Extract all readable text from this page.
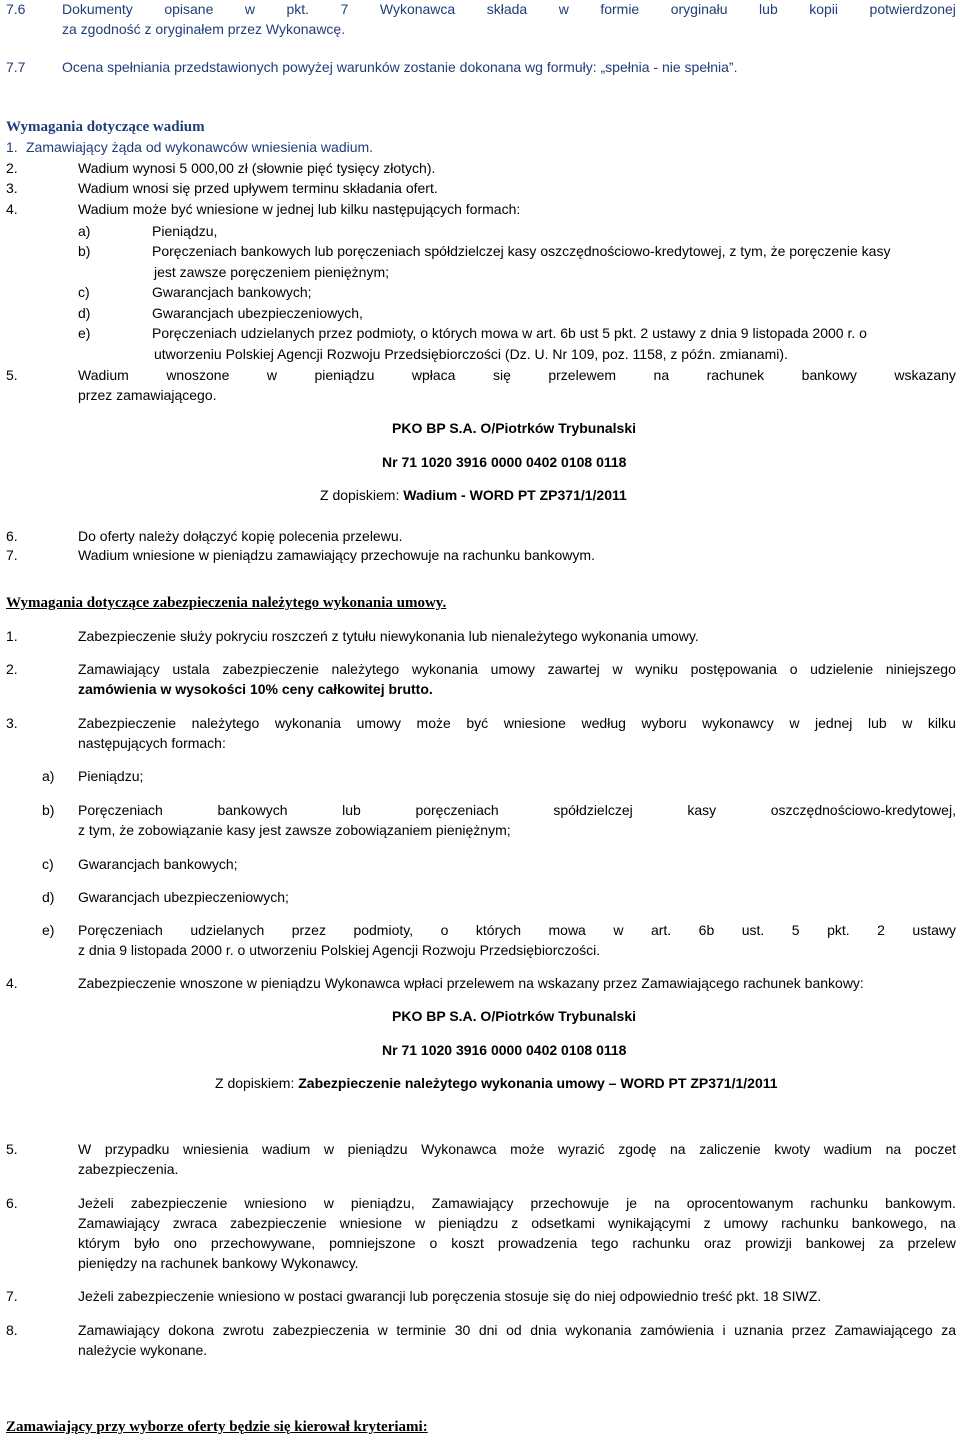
7.6	Dokumenty opisane w pkt. 7 Wykonawca składa w formie oryginału lub kopii potwierdzonej
za zgodność z oryginałem przez Wykonawcę.
7.7	Ocena spełniania przedstawionych powyżej warunków zostanie dokonana wg formuły: „spełnia - nie spełnia”.
Wymagania dotyczące wadium
1. Zamawiający żąda od wykonawców wniesienia wadium.
2.	Wadium wynosi 5 000,00 zł (słownie pięć tysięcy złotych).
3.	Wadium wnosi się przed upływem terminu składania ofert.
4.	Wadium może być wniesione w jednej lub kilku następujących formach:
a)	Pieniądzu,
b)	Poręczeniach bankowych lub poręczeniach spółdzielczej kasy oszczędnościowo-kredytowej, z tym, że poręczenie kasy
jest zawsze poręczeniem pieniężnym;
c)	Gwarancjach bankowych;
d)	Gwarancjach ubezpieczeniowych,
e)	Poręczeniach udzielanych przez podmioty, o których mowa w art. 6b ust 5 pkt. 2 ustawy z dnia 9 listopada 2000 r. o
utworzeniu Polskiej Agencji Rozwoju Przedsiębiorczości (Dz. U. Nr 109, poz. 1158, z późn. zmianami).
5.	Wadium	wnoszone	w	pieniądzu	wpłaca	się	przelewem	na	rachunek	bankowy	wskazany
przez zamawiającego.
PKO BP S.A. O/Piotrków Trybunalski
Nr 71 1020 3916 0000 0402 0108 0118
Z dopiskiem: Wadium - WORD PT ZP371/1/2011
6.	Do oferty należy dołączyć kopię polecenia przelewu.
7.	Wadium wniesione w pieniądzu zamawiający przechowuje na rachunku bankowym.
Wymagania dotyczące zabezpieczenia należytego wykonania umowy.
1.	Zabezpieczenie służy pokryciu roszczeń z tytułu niewykonania lub nienależytego wykonania umowy.
2.	Zamawiający ustala zabezpieczenie należytego wykonania umowy zawartej w wyniku postępowania o udzielenie niniejszego
zamówienia w wysokości 10% ceny całkowitej brutto.
3.	Zabezpieczenie należytego wykonania umowy może być wniesione według wyboru wykonawcy w jednej lub w kilku
następujących formach:
a) Pieniądzu;
b) Poręczeniach	bankowych	lub	poręczeniach	spółdzielczej	kasy	oszczędnościowo-kredytowej,
z tym, że zobowiązanie kasy jest zawsze zobowiązaniem pieniężnym;
c) Gwarancjach bankowych;
d) Gwarancjach ubezpieczeniowych;
e) Poręczeniach udzielanych przez podmioty, o których mowa w art. 6b ust. 5 pkt. 2 ustawy
z dnia 9 listopada 2000 r. o utworzeniu Polskiej Agencji Rozwoju Przedsiębiorczości.
4.	Zabezpieczenie wnoszone w pieniądzu Wykonawca wpłaci przelewem na wskazany przez Zamawiającego rachunek bankowy:
PKO BP S.A. O/Piotrków Trybunalski
Nr 71 1020 3916 0000 0402 0108 0118
Z dopiskiem: Zabezpieczenie należytego wykonania umowy – WORD PT ZP371/1/2011
5.	W przypadku wniesienia wadium w pieniądzu Wykonawca może wyrazić zgodę na zaliczenie kwoty wadium na poczet
zabezpieczenia.
6.	Jeżeli zabezpieczenie wniesiono w pieniądzu, Zamawiający przechowuje je na oprocentowanym rachunku bankowym.
Zamawiający zwraca zabezpieczenie wniesione w pieniądzu z odsetkami wynikającymi z umowy rachunku bankowego, na
którym było ono przechowywane, pomniejszone o koszt prowadzenia tego rachunku oraz prowizji bankowej za przelew
pieniędzy na rachunek bankowy Wykonawcy.
7.	Jeżeli zabezpieczenie wniesiono w postaci gwarancji lub poręczenia stosuje się do niej odpowiednio treść pkt. 18 SIWZ.
8.	Zamawiający dokona zwrotu zabezpieczenia w terminie 30 dni od dnia wykonania zamówienia i uznania przez Zamawiającego za
należycie wykonane.
Zamawiający przy wyborze oferty będzie się kierował kryteriami:
